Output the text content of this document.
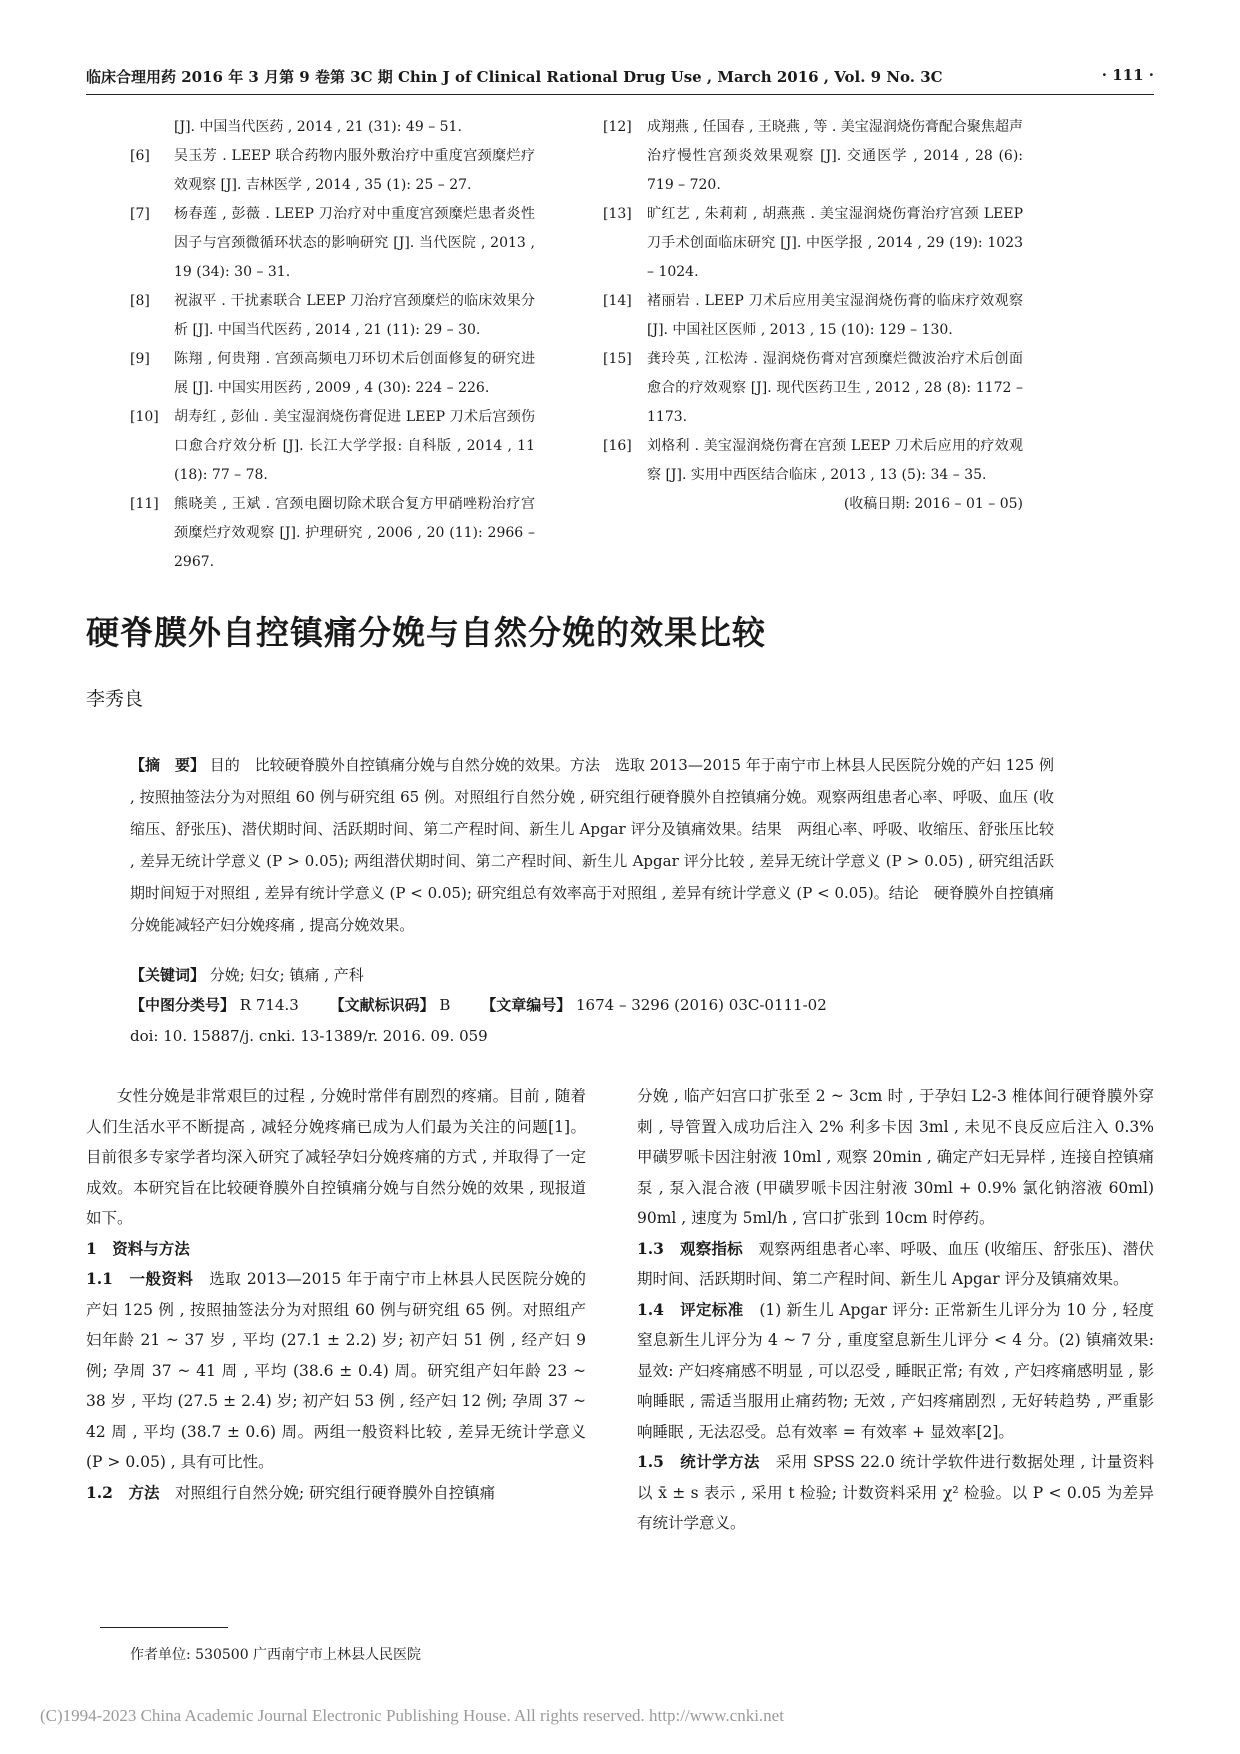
临床合理用药 2016 年 3 月第 9 卷第 3C 期 Chin J of Clinical Rational Drug Use , March 2016 , Vol. 9 No. 3C	· 111 ·
[J]. 中国当代医药 , 2014 , 21 (31): 49 – 51.
[6]	吴玉芳 . LEEP 联合药物内服外敷治疗中重度宫颈糜烂疗效观察 [J]. 吉林医学 , 2014 , 35 (1): 25 – 27.
[7]	杨春莲 , 彭薇 . LEEP 刀治疗对中重度宫颈糜烂患者炎性因子与宫颈微循环状态的影响研究 [J]. 当代医院 , 2013 , 19 (34): 30 – 31.
[8]	祝淑平 . 干扰素联合 LEEP 刀治疗宫颈糜烂的临床效果分析 [J]. 中国当代医药 , 2014 , 21 (11): 29 – 30.
[9]	陈翔 , 何贵翔 . 宫颈高频电刀环切术后创面修复的研究进展 [J]. 中国实用医药 , 2009 , 4 (30): 224 – 226.
[10]	胡寿红 , 彭仙 . 美宝湿润烧伤膏促进 LEEP 刀术后宫颈伤口愈合疗效分析 [J]. 长江大学学报: 自科版 , 2014 , 11 (18): 77 – 78.
[11]	熊晓美 , 王斌 . 宫颈电圈切除术联合复方甲硝唑粉治疗宫颈糜烂疗效观察 [J]. 护理研究 , 2006 , 20 (11): 2966 – 2967.
[12]	成翔燕 , 任国春 , 王晓燕 , 等 . 美宝湿润烧伤膏配合聚焦超声治疗慢性宫颈炎效果观察 [J]. 交通医学 , 2014 , 28 (6): 719 – 720.
[13]	旷红艺 , 朱莉莉 , 胡燕燕 . 美宝湿润烧伤膏治疗宫颈 LEEP 刀手术创面临床研究 [J]. 中医学报 , 2014 , 29 (19): 1023 – 1024.
[14]	褚丽岩 . LEEP 刀术后应用美宝湿润烧伤膏的临床疗效观察 [J]. 中国社区医师 , 2013 , 15 (10): 129 – 130.
[15]	龚玲英 , 江松涛 . 湿润烧伤膏对宫颈糜烂微波治疗术后创面愈合的疗效观察 [J]. 现代医药卫生 , 2012 , 28 (8): 1172 – 1173.
[16]	刘格利 . 美宝湿润烧伤膏在宫颈 LEEP 刀术后应用的疗效观察 [J]. 实用中西医结合临床 , 2013 , 13 (5): 34 – 35.
(收稿日期: 2016 – 01 – 05)
硬脊膜外自控镇痛分娩与自然分娩的效果比较
李秀良
【摘　要】 目的　比较硬脊膜外自控镇痛分娩与自然分娩的效果。方法　选取 2013—2015 年于南宁市上林县人民医院分娩的产妇 125 例 , 按照抽签法分为对照组 60 例与研究组 65 例。对照组行自然分娩 , 研究组行硬脊膜外自控镇痛分娩。观察两组患者心率、呼吸、血压 (收缩压、舒张压)、潜伏期时间、活跃期时间、第二产程时间、新生儿 Apgar 评分及镇痛效果。结果　两组心率、呼吸、收缩压、舒张压比较 , 差异无统计学意义 (P > 0.05); 两组潜伏期时间、第二产程时间、新生儿 Apgar 评分比较 , 差异无统计学意义 (P > 0.05) , 研究组活跃期时间短于对照组 , 差异有统计学意义 (P < 0.05); 研究组总有效率高于对照组 , 差异有统计学意义 (P < 0.05)。结论　硬脊膜外自控镇痛分娩能减轻产妇分娩疼痛 , 提高分娩效果。
【关键词】 分娩; 妇女; 镇痛 , 产科
【中图分类号】 R 714.3 【文献标识码】 B 【文章编号】 1674 – 3296 (2016) 03C-0111-02
doi: 10. 15887/j. cnki. 13-1389/r. 2016. 09. 059

女性分娩是非常艰巨的过程 , 分娩时常伴有剧烈的疼痛。目前 , 随着人们生活水平不断提高 , 减轻分娩疼痛已成为人们最为关注的问题[1]。目前很多专家学者均深入研究了减轻孕妇分娩疼痛的方式 , 并取得了一定成效。本研究旨在比较硬脊膜外自控镇痛分娩与自然分娩的效果 , 现报道如下。

1　资料与方法

1.1　一般资料　 选取 2013—2015 年于南宁市上林县人民医院分娩的产妇 125 例 , 按照抽签法分为对照组 60 例与研究组 65 例。对照组产妇年龄 21 ~ 37 岁 , 平均 (27.1 ± 2.2) 岁; 初产妇 51 例 , 经产妇 9 例; 孕周 37 ~ 41 周 , 平均 (38.6 ± 0.4) 周。研究组产妇年龄 23 ~ 38 岁 , 平均 (27.5 ± 2.4) 岁; 初产妇 53 例 , 经产妇 12 例; 孕周 37 ~ 42 周 , 平均 (38.7 ± 0.6) 周。两组一般资料比较 , 差异无统计学意义 (P > 0.05) , 具有可比性。

1.2　方法　 对照组行自然分娩; 研究组行硬脊膜外自控镇痛

分娩 , 临产妇宫口扩张至 2 ~ 3cm 时 , 于孕妇 L2-3 椎体间行硬脊膜外穿刺 , 导管置入成功后注入 2% 利多卡因 3ml , 未见不良反应后注入 0.3% 甲磺罗哌卡因注射液 10ml , 观察 20min , 确定产妇无异样 , 连接自控镇痛泵 , 泵入混合液 (甲磺罗哌卡因注射液 30ml + 0.9% 氯化钠溶液 60ml) 90ml , 速度为 5ml/h , 宫口扩张到 10cm 时停药。

1.3　观察指标　 观察两组患者心率、呼吸、血压 (收缩压、舒张压)、潜伏期时间、活跃期时间、第二产程时间、新生儿 Apgar 评分及镇痛效果。

1.4　评定标准　 (1) 新生儿 Apgar 评分: 正常新生儿评分为 10 分 , 轻度窒息新生儿评分为 4 ~ 7 分 , 重度窒息新生儿评分 < 4 分。(2) 镇痛效果: 显效: 产妇疼痛感不明显 , 可以忍受 , 睡眠正常; 有效 , 产妇疼痛感明显 , 影响睡眠 , 需适当服用止痛药物; 无效 , 产妇疼痛剧烈 , 无好转趋势 , 严重影响睡眠 , 无法忍受。总有效率 = 有效率 + 显效率[2]。

1.5　统计学方法　 采用 SPSS 22.0 统计学软件进行数据处理 , 计量资料以 x̄ ± s 表示 , 采用 t 检验; 计数资料采用 χ² 检验。以 P < 0.05 为差异有统计学意义。

作者单位: 530500 广西南宁市上林县人民医院
(C)1994-2023 China Academic Journal Electronic Publishing House. All rights reserved. http://www.cnki.net
